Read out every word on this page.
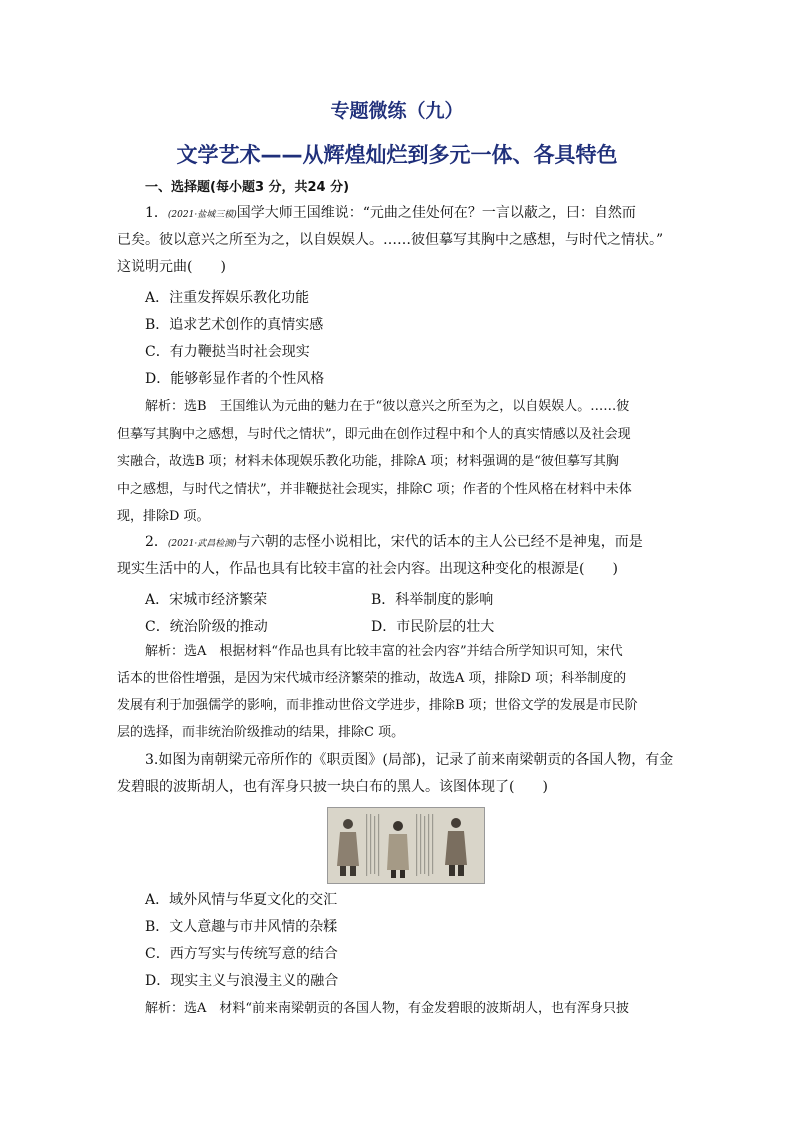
专题微练（九）
文学艺术——从辉煌灿烂到多元一体、各具特色
一、选择题(每小题3 分，共24 分)
1．(2021·盐城三模)国学大师王国维说：“元曲之佳处何在？一言以蔽之，曰：自然而
已矣。彼以意兴之所至为之，以自娱娱人。……彼但摹写其胸中之感想，与时代之情状。”
这说明元曲(　　)
A．注重发挥娱乐教化功能
B．追求艺术创作的真情实感
C．有力鞭挞当时社会现实
D．能够彰显作者的个性风格
解析：选B　王国维认为元曲的魅力在于“彼以意兴之所至为之，以自娱娱人。……彼
但摹写其胸中之感想，与时代之情状”，即元曲在创作过程中和个人的真实情感以及社会现
实融合，故选B 项；材料未体现娱乐教化功能，排除A 项；材料强调的是“彼但摹写其胸
中之感想，与时代之情状”，并非鞭挞社会现实，排除C 项；作者的个性风格在材料中未体
现，排除D 项。
2．(2021·武昌检测)与六朝的志怪小说相比，宋代的话本的主人公已经不是神鬼，而是
现实生活中的人，作品也具有比较丰富的社会内容。出现这种变化的根源是(　　)
A．宋城市经济繁荣	B．科举制度的影响
C．统治阶级的推动	D．市民阶层的壮大
解析：选A　根据材料“作品也具有比较丰富的社会内容”并结合所学知识可知，宋代
话本的世俗性增强，是因为宋代城市经济繁荣的推动，故选A 项，排除D 项；科举制度的
发展有利于加强儒学的影响，而非推动世俗文学进步，排除B 项；世俗文学的发展是市民阶
层的选择，而非统治阶级推动的结果，排除C 项。
3.如图为南朝梁元帝所作的《职贡图》(局部)，记录了前来南梁朝贡的各国人物，有金
发碧眼的波斯胡人，也有浑身只披一块白布的黑人。该图体现了(　　)
A．域外风情与华夏文化的交汇
B．文人意趣与市井风情的杂糅
C．西方写实与传统写意的结合
D．现实主义与浪漫主义的融合
解析：选A　材料“前来南梁朝贡的各国人物，有金发碧眼的波斯胡人，也有浑身只披
